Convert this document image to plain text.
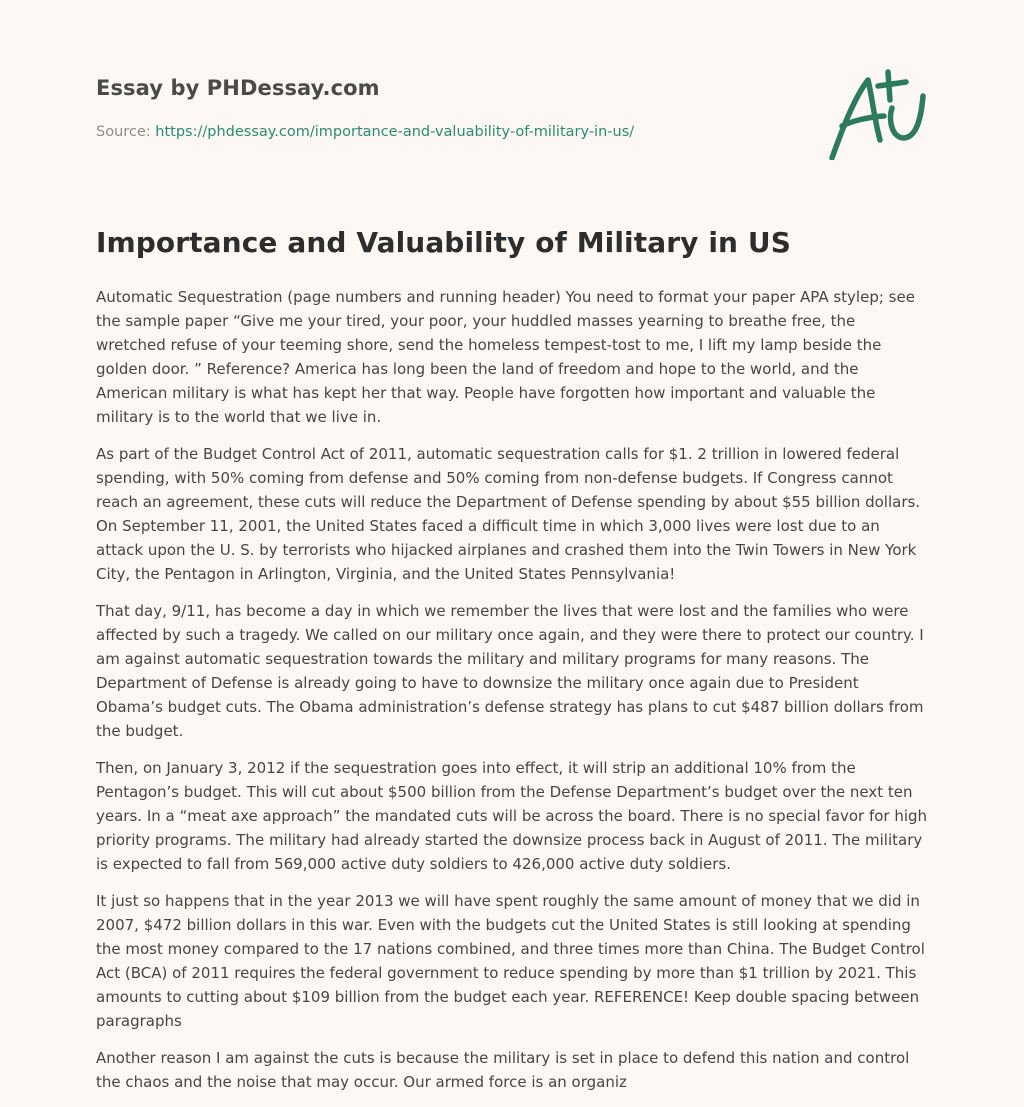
Essay by PHDessay.com
Source: https://phdessay.com/importance-and-valuability-of-military-in-us/
Importance and Valuability of Military in US

Automatic Sequestration (page numbers and running header) You need to format your paper APA stylep; see the sample paper “Give me your tired, your poor, your huddled masses yearning to breathe free, the wretched refuse of your teeming shore, send the homeless tempest-tost to me, I lift my lamp beside the golden door. ” Reference? America has long been the land of freedom and hope to the world, and the American military is what has kept her that way. People have forgotten how important and valuable the military is to the world that we live in.

As part of the Budget Control Act of 2011, automatic sequestration calls for $1. 2 trillion in lowered federal spending, with 50% coming from defense and 50% coming from non-defense budgets. If Congress cannot reach an agreement, these cuts will reduce the Department of Defense spending by about $55 billion dollars. On September 11, 2001, the United States faced a difficult time in which 3,000 lives were lost due to an attack upon the U. S. by terrorists who hijacked airplanes and crashed them into the Twin Towers in New York City, the Pentagon in Arlington, Virginia, and the United States Pennsylvania!

That day, 9/11, has become a day in which we remember the lives that were lost and the families who were affected by such a tragedy. We called on our military once again, and they were there to protect our country. I am against automatic sequestration towards the military and military programs for many reasons. The Department of Defense is already going to have to downsize the military once again due to President Obama’s budget cuts. The Obama administration’s defense strategy has plans to cut $487 billion dollars from the budget.

Then, on January 3, 2012 if the sequestration goes into effect, it will strip an additional 10% from the Pentagon’s budget. This will cut about $500 billion from the Defense Department’s budget over the next ten years. In a “meat axe approach” the mandated cuts will be across the board. There is no special favor for high priority programs. The military had already started the downsize process back in August of 2011. The military is expected to fall from 569,000 active duty soldiers to 426,000 active duty soldiers.

It just so happens that in the year 2013 we will have spent roughly the same amount of money that we did in 2007, $472 billion dollars in this war. Even with the budgets cut the United States is still looking at spending the most money compared to the 17 nations combined, and three times more than China. The Budget Control Act (BCA) of 2011 requires the federal government to reduce spending by more than $1 trillion by 2021. This amounts to cutting about $109 billion from the budget each year. REFERENCE! Keep double spacing between paragraphs

Another reason I am against the cuts is because the military is set in place to defend this nation and control the chaos and the noise that may occur. Our armed force is an organiz
